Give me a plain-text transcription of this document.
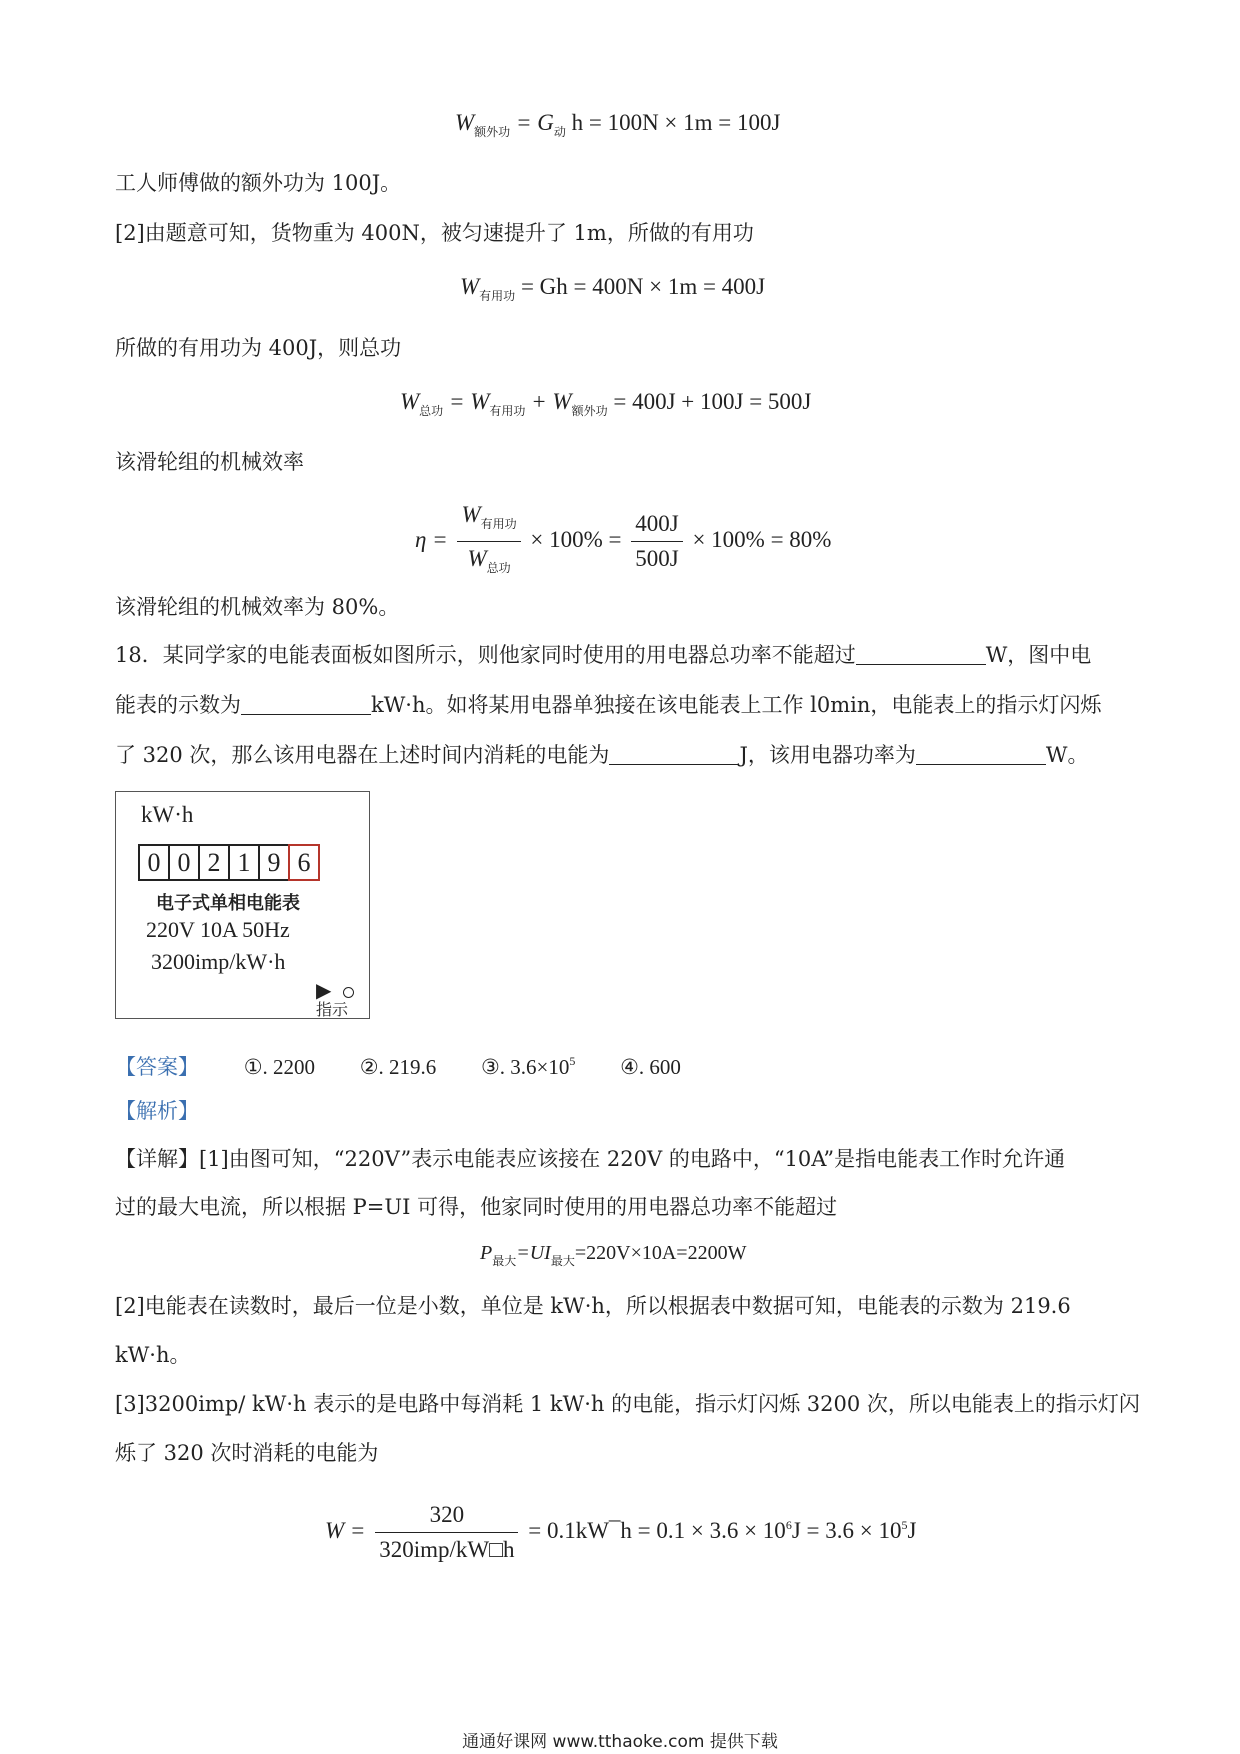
$W_{额外功} = G_动$ h = 100N × 1m = 100J
工人师傅做的额外功为 100J。
[2]由题意可知，货物重为 400N，被匀速提升了 1m，所做的有用功
$W_{有用功} = Gh = 400N \times 1m = 400J$
所做的有用功为 400J，则总功
$W_{总功} = W_{有用功} + W_{额外功} = 400J + 100J = 500J$
该滑轮组的机械效率
$\eta = \frac{W_{有用功}}{W_{总功}} \times 100\% = \frac{400J}{500J} \times 100\% = 80\%$
该滑轮组的机械效率为 80%。
18．某同学家的电能表面板如图所示，则他家同时使用的用电器总功率不能超过	W，图中电
能表的示数为	kW·h。如将某用电器单独接在该电能表上工作 l0min，电能表上的指示灯闪烁
了 320 次，那么该用电器在上述时间内消耗的电能为	J，该用电器功率为	W。
kW·h
0 0 2 1 9 6
电子式单相电能表
220V 10A 50Hz
3200imp/kW·h
▶
指示
【答案】 ①. 2200 ②. 219.6 ③. $3.6\times 10^5$ ④. 600
【解析】
【详解】[1]由图可知，“220V”表示电能表应该接在 220V 的电路中，“10A”是指电能表工作时允许通
过的最大电流，所以根据 P=UI 可得，他家同时使用的用电器总功率不能超过
$P_{最大}=UI_{最大}=220V\times 10A=2200W$
[2]电能表在读数时，最后一位是小数，单位是 kW·h，所以根据表中数据可知，电能表的示数为 219.6
kW·h。
[3]3200imp/ kW·h 表示的是电路中每消耗 1 kW·h 的电能，指示灯闪烁 3200 次，所以电能表上的指示灯闪
烁了 320 次时消耗的电能为
$W = \frac{320}{\text{320imp/kW□h}}$ = 0.1kW¯h = $0.1 \times 3.6 \times 10^6J = 3.6 \times 10^5J$
通通好课网 www.tthaoke.com 提供下载
